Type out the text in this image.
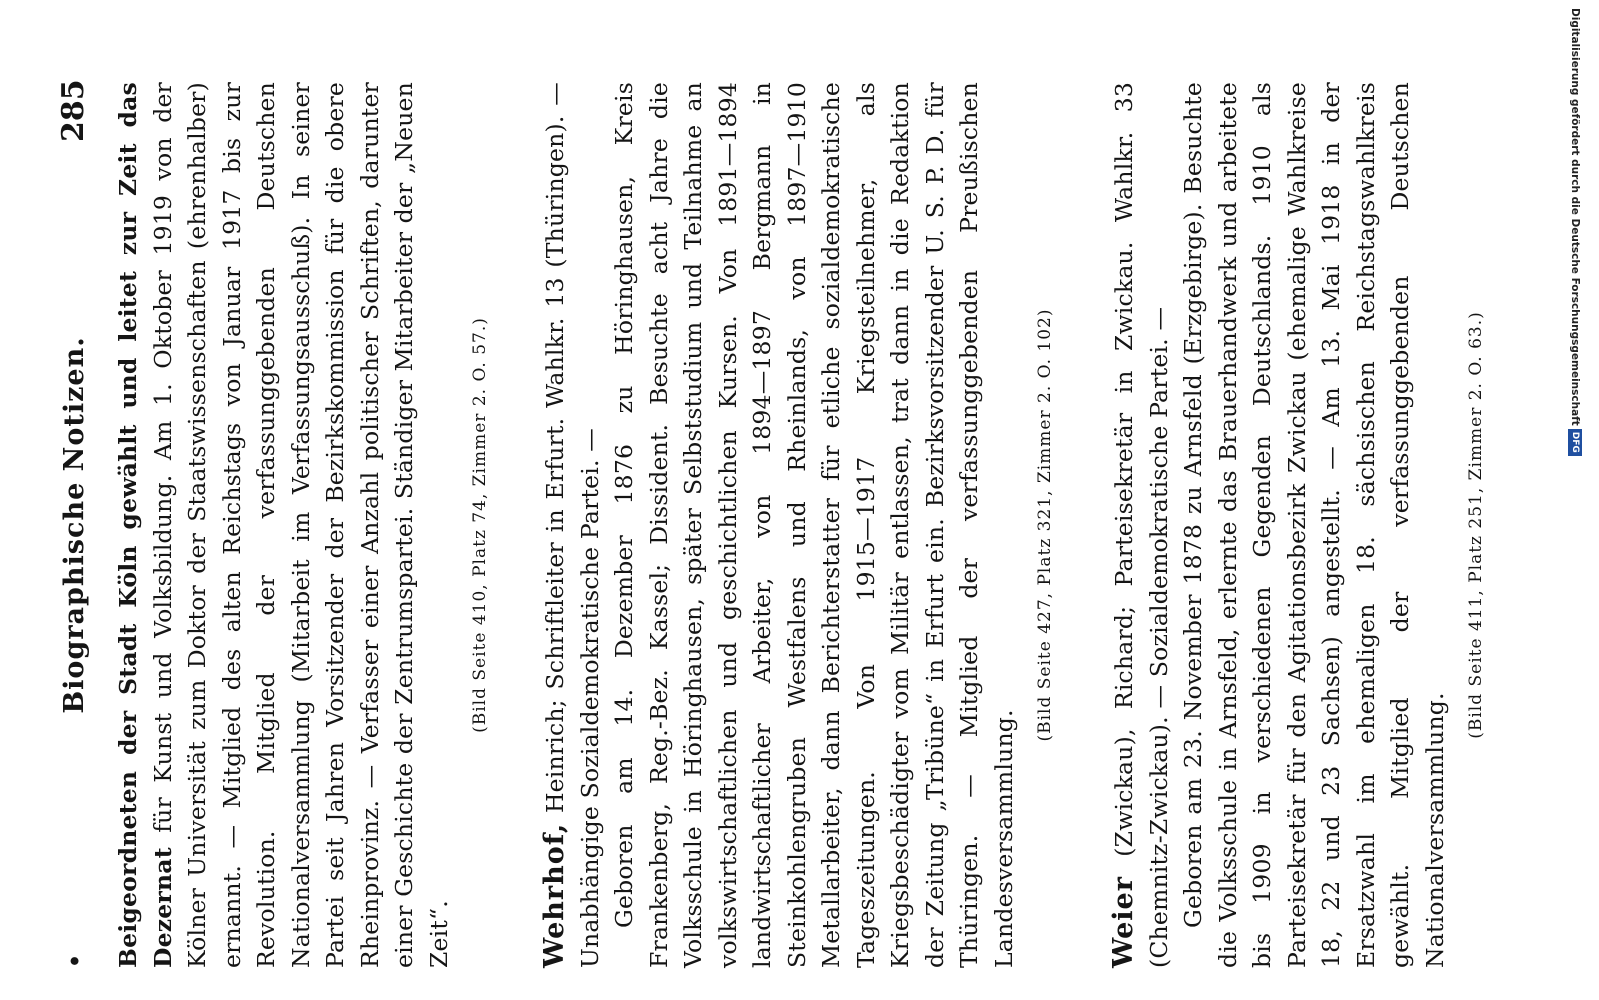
•
Biographische Notizen.
285 Beigeordneten der Stadt Köln gewählt und leitet zur Zeit das Dezernat für Kunst und Volksbildung. Am 1. Oktober 1919 von der Kölner Universität zum Doktor der Staatswissenschaften (ehrenhalber) ernannt. — Mitglied des alten Reichstags von Januar 1917 bis zur Revolution. Mitglied der verfassunggebenden Deutschen Nationalversammlung (Mitarbeit im Verfassungsausschuß). In seiner Partei seit Jahren Vorsitzender der Bezirkskommission für die obere Rheinprovinz. — Verfasser einer Anzahl politischer Schriften, darunter einer Geschichte der Zentrumspartei. Ständiger Mitarbeiter der „Neuen Zeit“.

(Bild Seite 410, Platz 74, Zimmer 2. O. 57.)

Wehrhof, Heinrich; Schriftleiter in Erfurt. Wahlkr. 13 (Thüringen). — Unabhängige Sozialdemokratische Partei. — Geboren am 14. Dezember 1876 zu Höringhausen, Kreis Frankenberg, Reg.-Bez. Kassel; Dissident. Besuchte acht Jahre die Volksschule in Höringhausen, später Selbststudium und Teilnahme an volkswirtschaftlichen und geschichtlichen Kursen. Von 1891—1894 landwirtschaftlicher Arbeiter, von 1894—1897 Bergmann in Steinkohlengruben Westfalens und Rheinlands, von 1897—1910 Metallarbeiter, dann Berichterstatter für etliche sozialdemokratische Tageszeitungen. Von 1915—1917 Kriegsteilnehmer, als Kriegsbeschädigter vom Militär entlassen, trat dann in die Redaktion der Zeitung „Tribüne“ in Erfurt ein. Bezirksvorsitzender U. S. P. D. für Thüringen. — Mitglied der verfassunggebenden Preußischen Landesversammlung.

(Bild Seite 427, Platz 321, Zimmer 2. O. 102)

Weier (Zwickau), Richard; Parteisekretär in Zwickau. Wahlkr. 33 (Chemnitz-Zwickau). — Sozialdemokratische Partei. — Geboren am 23. November 1878 zu Arnsfeld (Erzgebirge). Besuchte die Volksschule in Arnsfeld, erlernte das Brauerhandwerk und arbeitete bis 1909 in verschiedenen Gegenden Deutschlands. 1910 als Parteisekretär für den Agitationsbezirk Zwickau (ehemalige Wahlkreise 18, 22 und 23 Sachsen) angestellt. — Am 13. Mai 1918 in der Ersatzwahl im ehemaligen 18. sächsischen Reichstagswahlkreis gewählt. Mitglied der verfassunggebenden Deutschen Nationalversammlung.

(Bild Seite 411, Platz 251, Zimmer 2. O. 63.)

Digitalisierung gefördert durch die Deutsche ForschungsgemeinschaftDFG
